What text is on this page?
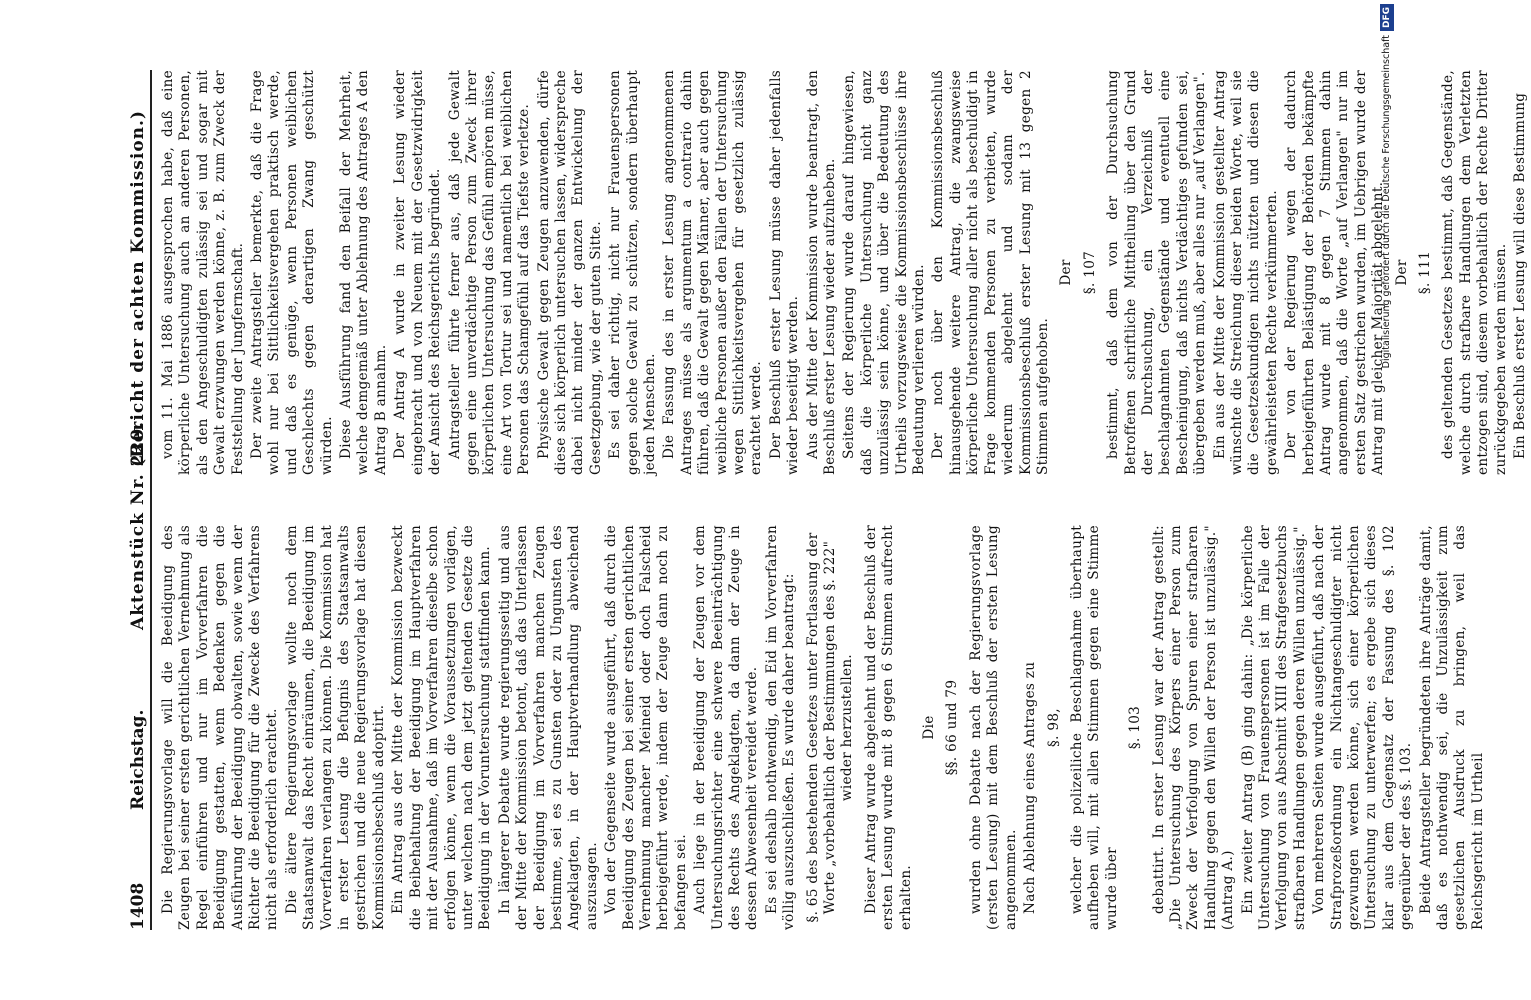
1408
Reichstag.
Aktenstück Nr. 220.
(Bericht der achten Kommission.)

Die Regierungsvorlage will die Beeidigung des Zeugen bei seiner ersten gerichtlichen Vernehmung als Regel einführen und nur im Vorverfahren die Beeidigung gestatten, wenn Bedenken gegen die Ausführung der Beeidigung obwalten, sowie wenn der Richter die Beeidigung für die Zwecke des Verfahrens nicht als erforderlich erachtet. Die ältere Regierungsvorlage wollte noch dem Staatsanwalt das Recht einräumen, die Beeidigung im Vorverfahren verlangen zu können. Die Kommission hat in erster Lesung die Befugnis des Staatsanwalts gestrichen und die neue Regierungsvorlage hat diesen Kommissionsbeschluß adoptirt. Ein Antrag aus der Mitte der Kommission bezweckt die Beibehaltung der Beeidigung im Hauptverfahren mit der Ausnahme, daß im Vorverfahren dieselbe schon erfolgen könne, wenn die Voraussetzungen vorlägen, unter welchen nach dem jetzt geltenden Gesetze die Beeidigung in der Voruntersuchung stattfinden kann. In längerer Debatte wurde regierungsseitig und aus der Mitte der Kommission betont, daß das Unterlassen der Beeidigung im Vorverfahren manchen Zeugen bestimme, sei es zu Gunsten oder zu Ungunsten des Angeklagten, in der Hauptverhandlung abweichend auszusagen. Von der Gegenseite wurde ausgeführt, daß durch die Beeidigung des Zeugen bei seiner ersten gerichtlichen Vernehmung mancher Meineid oder doch Falscheid herbeigeführt werde, indem der Zeuge dann noch zu befangen sei. Auch liege in der Beeidigung der Zeugen vor dem Untersuchungsrichter eine schwere Beeinträchtigung des Rechts des Angeklagten, da dann der Zeuge in dessen Abwesenheit vereidet werde. Es sei deshalb nothwendig, den Eid im Vorverfahren völlig auszuschließen. Es wurde daher beantragt: §. 65 des bestehenden Gesetzes unter Fortlassung der Worte „vorbehaltlich der Bestimmungen des §. 222" wieder herzustellen. Dieser Antrag wurde abgelehnt und der Beschluß der ersten Lesung wurde mit 8 gegen 6 Stimmen aufrecht erhalten.

Die §§. 66 und 79 wurden ohne Debatte nach der Regierungsvorlage (ersten Lesung) mit dem Beschluß der ersten Lesung angenommen. Nach Ablehnung eines Antrages zu §. 98, welcher die polizeiliche Beschlagnahme überhaupt aufheben will, mit allen Stimmen gegen eine Stimme wurde über

§. 103 debattirt. In erster Lesung war der Antrag gestellt: „Die Untersuchung des Körpers einer Person zum Zweck der Verfolgung von Spuren einer strafbaren Handlung gegen den Willen der Person ist unzulässig." (Antrag A.) Ein zweiter Antrag (B) ging dahin: „Die körperliche Untersuchung von Frauenspersonen ist im Falle der Verfolgung von aus Abschnitt XIII des Strafgesetzbuchs strafbaren Handlungen gegen deren Willen unzulässig." Von mehreren Seiten wurde ausgeführt, daß nach der Strafprozeßordnung ein Nichtangeschuldigter nicht gezwungen werden könne, sich einer körperlichen Untersuchung zu unterwerfen; es ergebe sich dieses klar aus dem Gegensatz der Fassung des §. 102 gegenüber der des §. 103. Beide Antragsteller begründeten ihre Anträge damit, daß es nothwendig sei, die Unzulässigkeit zum gesetzlichen Ausdruck zu bringen, weil das Reichsgericht im Urtheil

vom 11. Mai 1886 ausgesprochen habe, daß eine körperliche Untersuchung auch an anderen Personen, als den Angeschuldigten zulässig sei und sogar mit Gewalt erzwungen werden könne, z. B. zum Zweck der Feststellung der Jungfernschaft. Der zweite Antragsteller bemerkte, daß die Frage wohl nur bei Sittlichkeitsvergehen praktisch werde, und daß es genüge, wenn Personen weiblichen Geschlechts gegen derartigen Zwang geschützt würden. Diese Ausführung fand den Beifall der Mehrheit, welche demgemäß unter Ablehnung des Antrages A den Antrag B annahm. Der Antrag A wurde in zweiter Lesung wieder eingebracht und von Neuem mit der Gesetzwidrigkeit der Ansicht des Reichsgerichts begründet. Antragsteller führte ferner aus, daß jede Gewalt gegen eine unverdächtige Person zum Zweck ihrer körperlichen Untersuchung das Gefühl empören müsse, eine Art von Tortur sei und namentlich bei weiblichen Personen das Schamgefühl auf das Tiefste verletze. Physische Gewalt gegen Zeugen anzuwenden, dürfe diese sich körperlich untersuchen lassen, widerspreche dabei nicht minder der ganzen Entwickelung der Gesetzgebung, wie der guten Sitte. Es sei daher richtig, nicht nur Frauenspersonen gegen solche Gewalt zu schützen, sondern überhaupt jeden Menschen. Die Fassung des in erster Lesung angenommenen Antrages müsse als argumentum a contrario dahin führen, daß die Gewalt gegen Männer, aber auch gegen weibliche Personen außer den Fällen der Untersuchung wegen Sittlichkeitsvergehen für gesetzlich zulässig erachtet werde. Der Beschluß erster Lesung müsse daher jedenfalls wieder beseitigt werden. Aus der Mitte der Kommission wurde beantragt, den Beschluß erster Lesung wieder aufzuheben. Seitens der Regierung wurde darauf hingewiesen, daß die körperliche Untersuchung nicht ganz unzulässig sein könne, und über die Bedeutung des Urtheils vorzugsweise die Kommissionsbeschlüsse ihre Bedeutung verlieren würden. Der noch über den Kommissionsbeschluß hinausgehende weitere Antrag, die zwangsweise körperliche Untersuchung aller nicht als beschuldigt in Frage kommenden Personen zu verbieten, wurde wiederum abgelehnt und sodann der Kommissionsbeschluß erster Lesung mit 13 gegen 2 Stimmen aufgehoben.

Der §. 107 bestimmt, daß dem von der Durchsuchung Betroffenen schriftliche Mittheilung über den Grund der Durchsuchung, ein Verzeichniß der beschlagnahmten Gegenstände und eventuell eine Bescheinigung, daß nichts Verdächtiges gefunden sei, übergeben werden muß, aber alles nur „auf Verlangen". Ein aus der Mitte der Kommission gestellter Antrag wünschte die Streichung dieser beiden Worte, weil sie die Gesetzeskundigen nichts nützten und diesen die gewährleisteten Rechte verkümmerten. Der von der Regierung wegen der dadurch herbeigeführten Belästigung der Behörden bekämpfte Antrag wurde mit 8 gegen 7 Stimmen dahin angenommen, daß die Worte „auf Verlangen" nur im ersten Satz gestrichen wurden, im Uebrigen wurde der Antrag mit gleicher Majorität abgelehnt. Der §. 111 des geltenden Gesetzes bestimmt, daß Gegenstände, welche durch strafbare Handlungen dem Verletzten entzogen sind, diesem vorbehaltlich der Rechte Dritter zurückgegeben werden müssen. Ein Beschluß erster Lesung will diese Bestimmung

Digitalisierung gefördert durch die Deutsche ForschungsgemeinschaftDFG
